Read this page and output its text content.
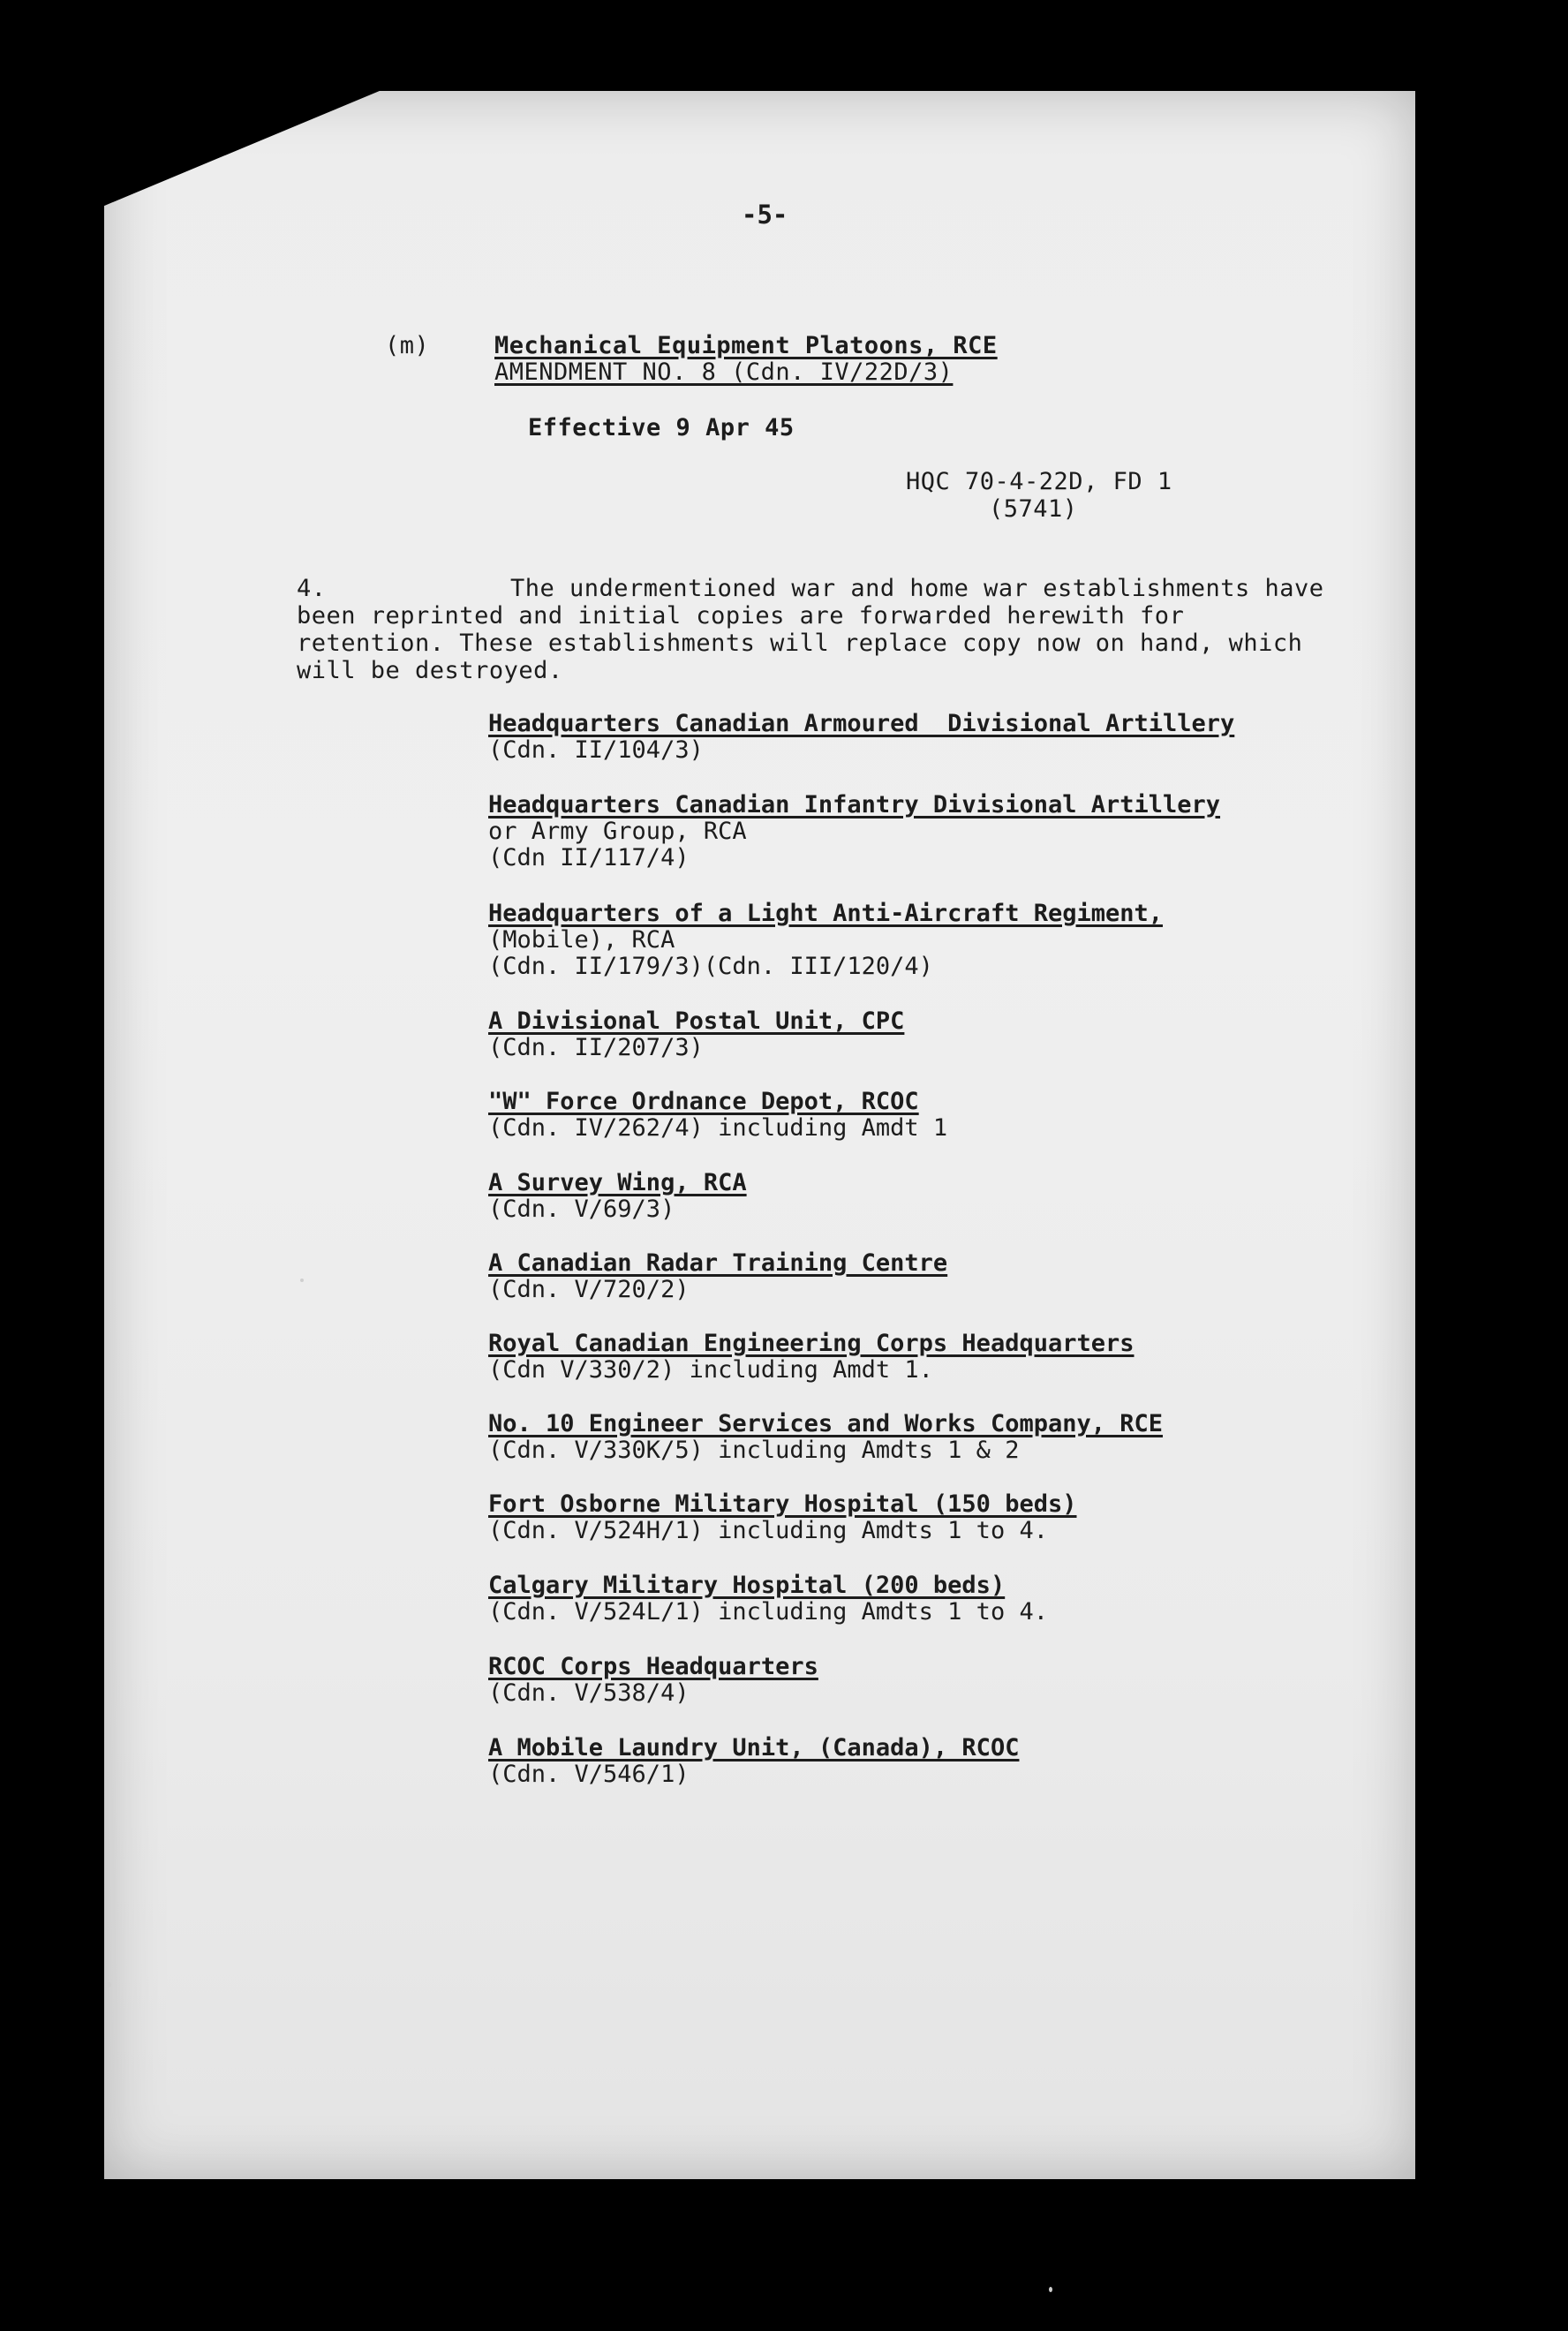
-5-
(m)	Mechanical Equipment Platoons, RCE
AMENDMENT NO. 8 (Cdn. IV/22D/3)
Effective 9 Apr 45
HQC 70-4-22D, FD 1
(5741)
4.	The undermentioned war and home war establishments have been reprinted and initial copies are forwarded herewith for retention. These establishments will replace copy now on hand, which will be destroyed.
Headquarters Canadian Armoured  Divisional Artillery
(Cdn. II/104/3)
Headquarters Canadian Infantry Divisional Artillery
or Army Group, RCA
(Cdn II/117/4)
Headquarters of a Light Anti-Aircraft Regiment,
(Mobile), RCA
(Cdn. II/179/3)(Cdn. III/120/4)
A Divisional Postal Unit, CPC
(Cdn. II/207/3)
"W" Force Ordnance Depot, RCOC
(Cdn. IV/262/4) including Amdt 1
A Survey Wing, RCA
(Cdn. V/69/3)
A Canadian Radar Training Centre
(Cdn. V/720/2)
Royal Canadian Engineering Corps Headquarters
(Cdn V/330/2) including Amdt 1.
No. 10 Engineer Services and Works Company, RCE
(Cdn. V/330K/5) including Amdts 1 & 2
Fort Osborne Military Hospital (150 beds)
(Cdn. V/524H/1) including Amdts 1 to 4.
Calgary Military Hospital (200 beds)
(Cdn. V/524L/1) including Amdts 1 to 4.
RCOC Corps Headquarters
(Cdn. V/538/4)
A Mobile Laundry Unit, (Canada), RCOC
(Cdn. V/546/1)
